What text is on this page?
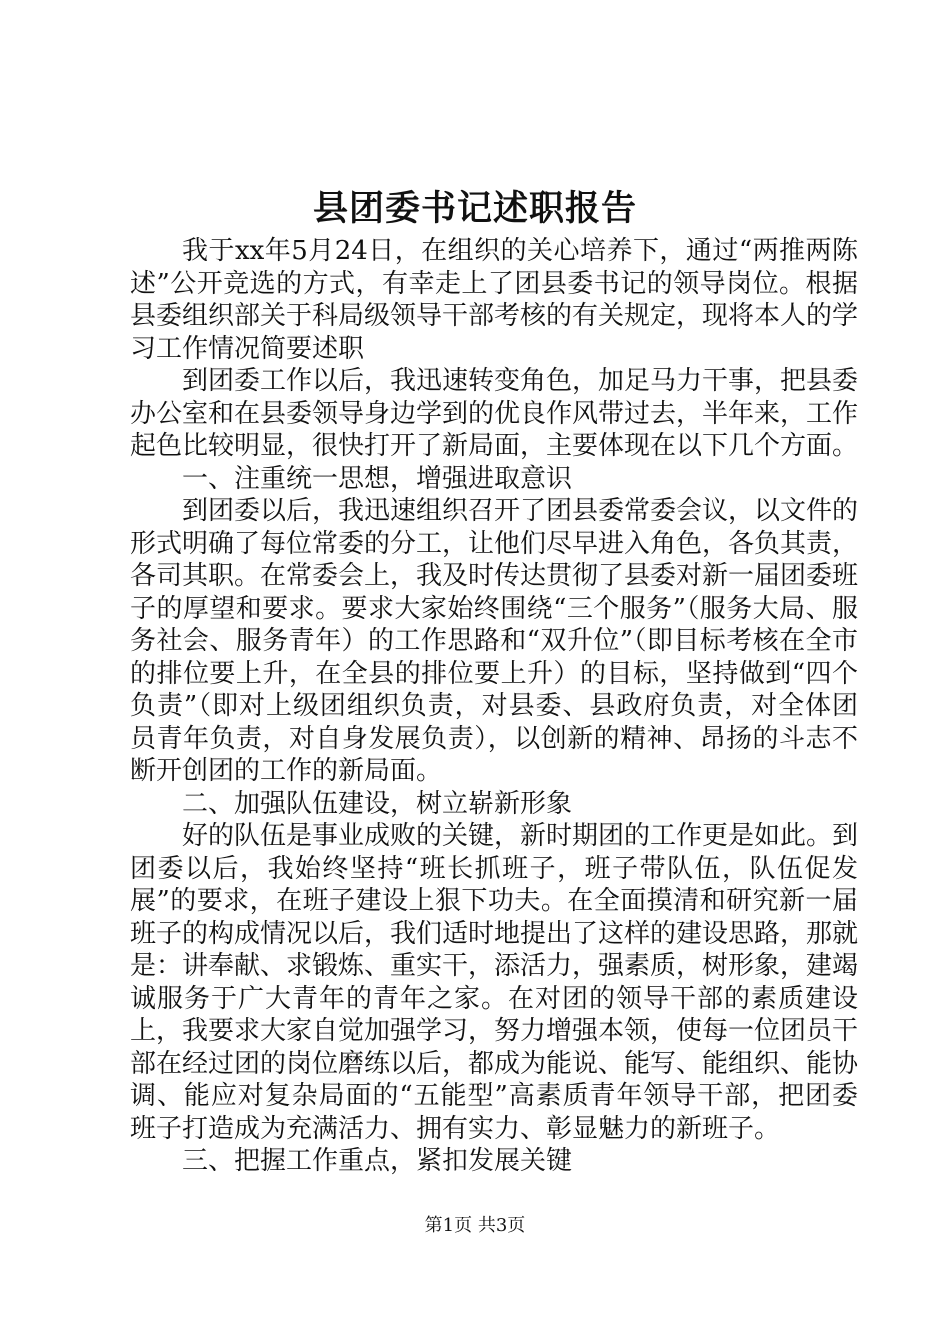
县团委书记述职报告

我于xx年5月24日，在组织的关心培养下，通过“两推两陈述”公开竞选的方式，有幸走上了团县委书记的领导岗位。根据县委组织部关于科局级领导干部考核的有关规定，现将本人的学习工作情况简要述职

到团委工作以后，我迅速转变角色，加足马力干事，把县委办公室和在县委领导身边学到的优良作风带过去，半年来，工作起色比较明显，很快打开了新局面，主要体现在以下几个方面。

一、注重统一思想，增强进取意识

到团委以后，我迅速组织召开了团县委常委会议，以文件的形式明确了每位常委的分工，让他们尽早进入角色，各负其责，各司其职。在常委会上，我及时传达贯彻了县委对新一届团委班子的厚望和要求。要求大家始终围绕“三个服务”（服务大局、服务社会、服务青年）的工作思路和“双升位”（即目标考核在全市的排位要上升，在全县的排位要上升）的目标，坚持做到“四个负责”（即对上级团组织负责，对县委、县政府负责，对全体团员青年负责，对自身发展负责），以创新的精神、昂扬的斗志不断开创团的工作的新局面。

二、加强队伍建设，树立崭新形象

好的队伍是事业成败的关键，新时期团的工作更是如此。到团委以后，我始终坚持“班长抓班子，班子带队伍，队伍促发展”的要求，在班子建设上狠下功夫。在全面摸清和研究新一届班子的构成情况以后，我们适时地提出了这样的建设思路，那就是：讲奉献、求锻炼、重实干，添活力，强素质，树形象，建竭诚服务于广大青年的青年之家。在对团的领导干部的素质建设上，我要求大家自觉加强学习，努力增强本领，使每一位团员干部在经过团的岗位磨练以后，都成为能说、能写、能组织、能协调、能应对复杂局面的“五能型”高素质青年领导干部，把团委班子打造成为充满活力、拥有实力、彰显魅力的新班子。

三、把握工作重点，紧扣发展关键

第1页 共3页
